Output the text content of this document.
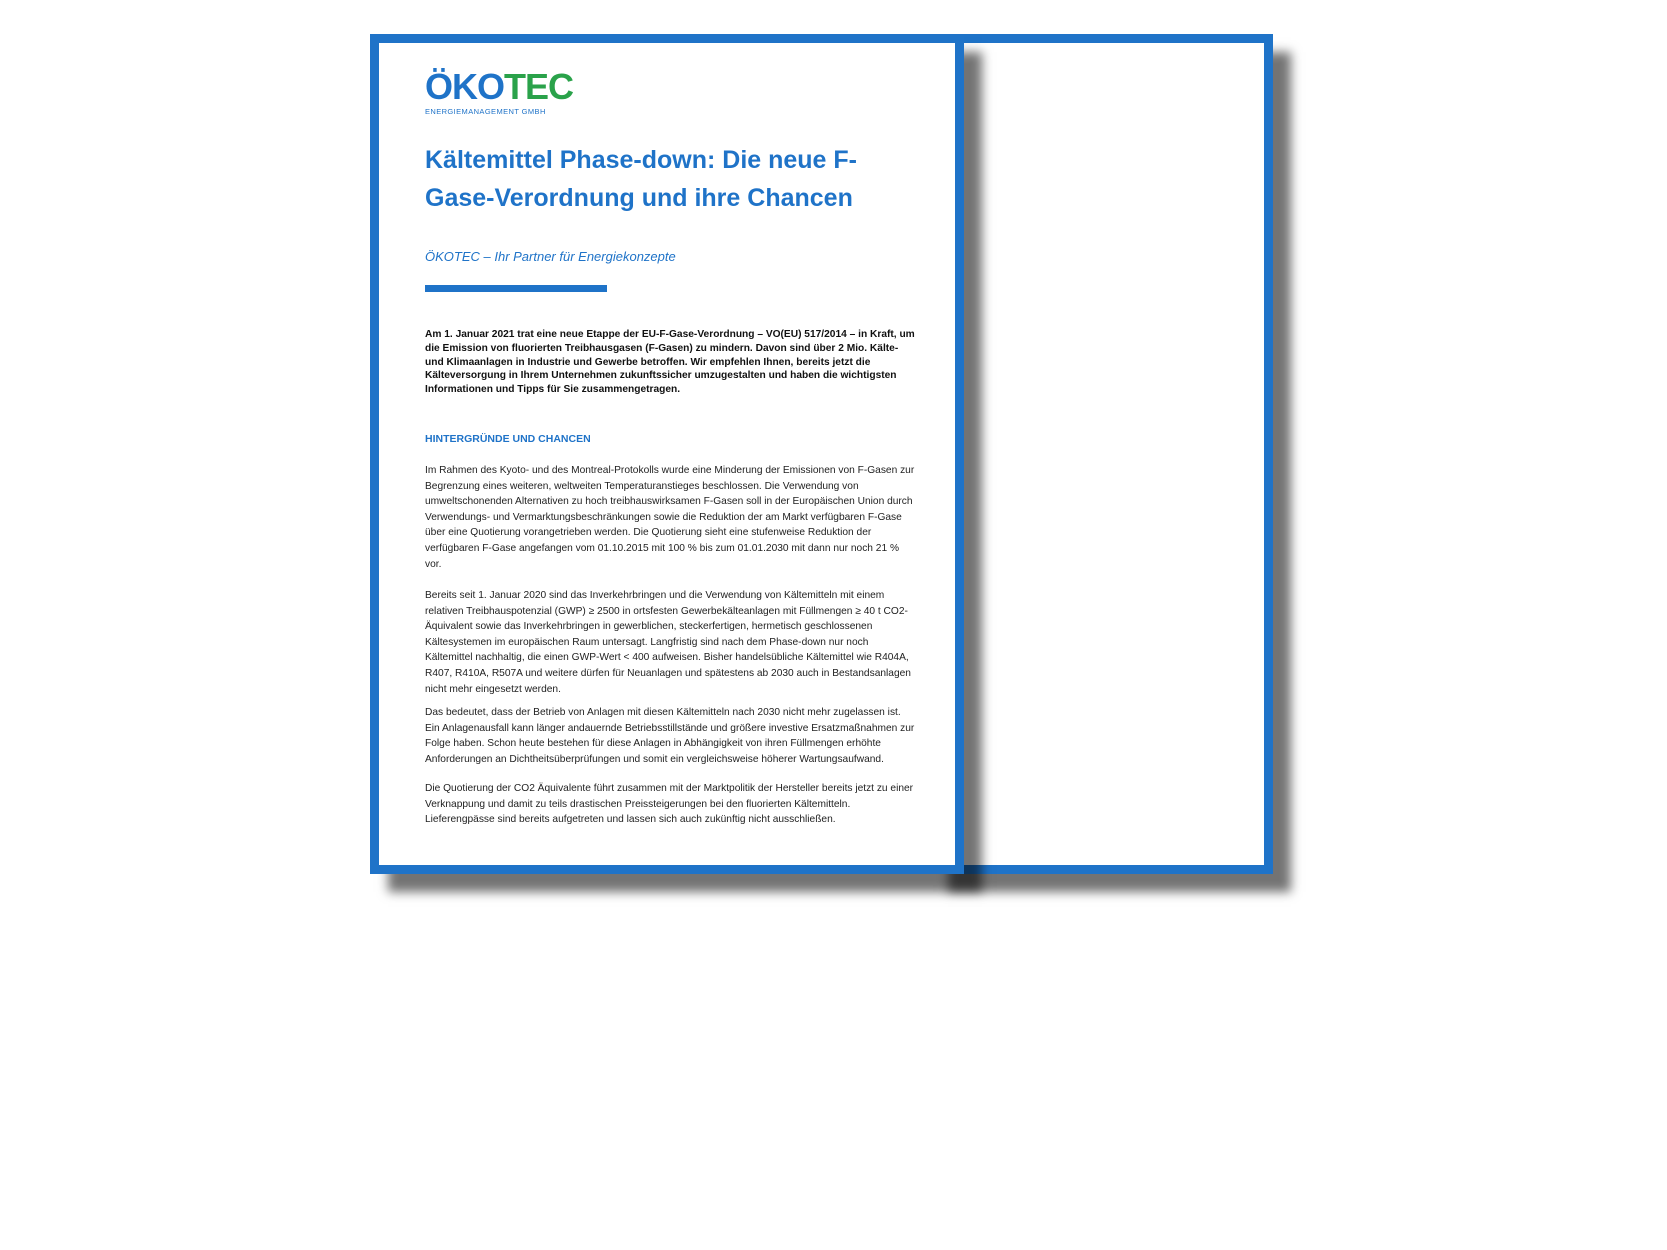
ÖKOTEC
ENERGIEMANAGEMENT GMBH
Kältemittel Phase-down: Die neue F-Gase-Verordnung und ihre Chancen
ÖKOTEC – Ihr Partner für Energiekonzepte
Am 1. Januar 2021 trat eine neue Etappe der EU-F-Gase-Verordnung – VO(EU) 517/2014 – in Kraft, um die Emission von fluorierten Treibhausgasen (F-Gasen) zu mindern. Davon sind über 2 Mio. Kälte- und Klimaanlagen in Industrie und Gewerbe betroffen. Wir empfehlen Ihnen, bereits jetzt die Kälteversorgung in Ihrem Unternehmen zukunftssicher umzugestalten und haben die wichtigsten Informationen und Tipps für Sie zusammengetragen.
HINTERGRÜNDE UND CHANCEN
Im Rahmen des Kyoto- und des Montreal-Protokolls wurde eine Minderung der Emissionen von F-Gasen zur Begrenzung eines weiteren, weltweiten Temperaturanstieges beschlossen. Die Verwendung von umweltschonenden Alternativen zu hoch treibhauswirksamen F-Gasen soll in der Europäischen Union durch Verwendungs- und Vermarktungsbeschränkungen sowie die Reduktion der am Markt verfügbaren F-Gase über eine Quotierung vorangetrieben werden. Die Quotierung sieht eine stufenweise Reduktion der verfügbaren F-Gase angefangen vom 01.10.2015 mit 100 % bis zum 01.01.2030 mit dann nur noch 21 % vor.
Bereits seit 1. Januar 2020 sind das Inverkehrbringen und die Verwendung von Kältemitteln mit einem relativen Treibhauspotenzial (GWP) ≥ 2500 in ortsfesten Gewerbekälteanlagen mit Füllmengen ≥ 40 t CO2-Äquivalent sowie das Inverkehrbringen in gewerblichen, steckerfertigen, hermetisch geschlossenen Kältesystemen im europäischen Raum untersagt. Langfristig sind nach dem Phase-down nur noch Kältemittel nachhaltig, die einen GWP-Wert < 400 aufweisen. Bisher handelsübliche Kältemittel wie R404A, R407, R410A, R507A und weitere dürfen für Neuanlagen und spätestens ab 2030 auch in Bestandsanlagen nicht mehr eingesetzt werden.
Das bedeutet, dass der Betrieb von Anlagen mit diesen Kältemitteln nach 2030 nicht mehr zugelassen ist. Ein Anlagenausfall kann länger andauernde Betriebsstillstände und größere investive Ersatzmaßnahmen zur Folge haben. Schon heute bestehen für diese Anlagen in Abhängigkeit von ihren Füllmengen erhöhte Anforderungen an Dichtheitsüberprüfungen und somit ein vergleichsweise höherer Wartungsaufwand.
Die Quotierung der CO2 Äquivalente führt zusammen mit der Marktpolitik der Hersteller bereits jetzt zu einer Verknappung und damit zu teils drastischen Preissteigerungen bei den fluorierten Kältemitteln. Lieferengpässe sind bereits aufgetreten und lassen sich auch zukünftig nicht ausschließen.
